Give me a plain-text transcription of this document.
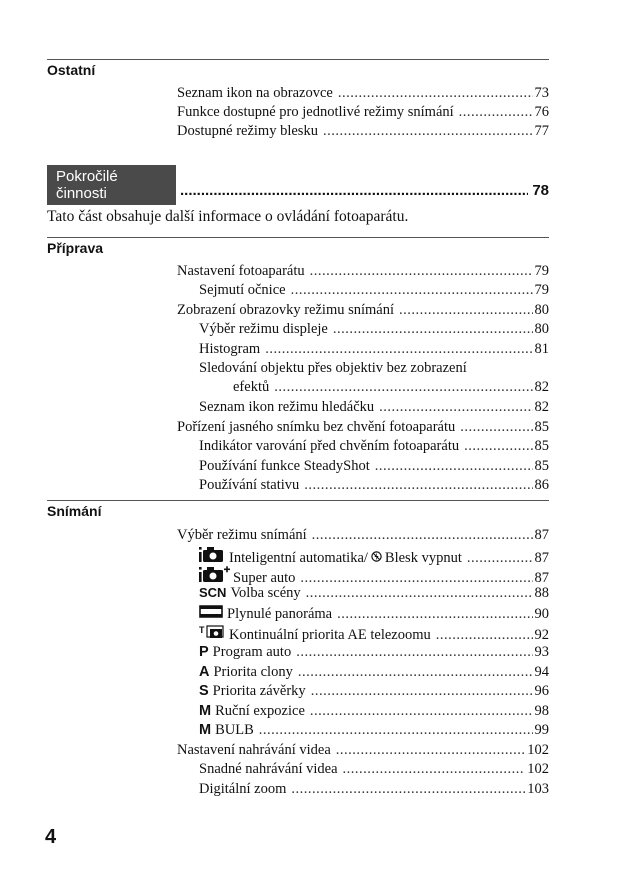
Ostatní
Seznam ikon na obrazovce .....	73
Funkce dostupné pro jednotlivé režimy snímání .....	76
Dostupné režimy blesku .....	77
Pokročilé
činnosti .....	78
Tato část obsahuje další informace o ovládání fotoaparátu.
Příprava
Nastavení fotoaparátu .....	79
Sejmutí očnice .....	79
Zobrazení obrazovky režimu snímání .....	80
Výběr režimu displeje .....	80
Histogram .....	81
Sledování objektu přes objektiv bez zobrazení
efektů .....	82
Seznam ikon režimu hledáčku .....	82
Pořízení jasného snímku bez chvění fotoaparátu .....	85
Indikátor varování před chvěním fotoaparátu .....	85
Používání funkce SteadyShot .....	85
Používání stativu .....	86
Snímání
Výběr režimu snímání .....	87
Inteligentní automatika/ Blesk vypnut .....	87
Super auto .....	87
SCN Volba scény .....	88
Plynulé panoráma .....	90
T Kontinuální priorita AE telezoomu .....	92
P Program auto .....	93
A Priorita clony .....	94
S Priorita závěrky .....	96
M Ruční expozice .....	98
M BULB .....	99
Nastavení nahrávání videa .....	102
Snadné nahrávání videa .....	102
Digitální zoom .....	103
4
